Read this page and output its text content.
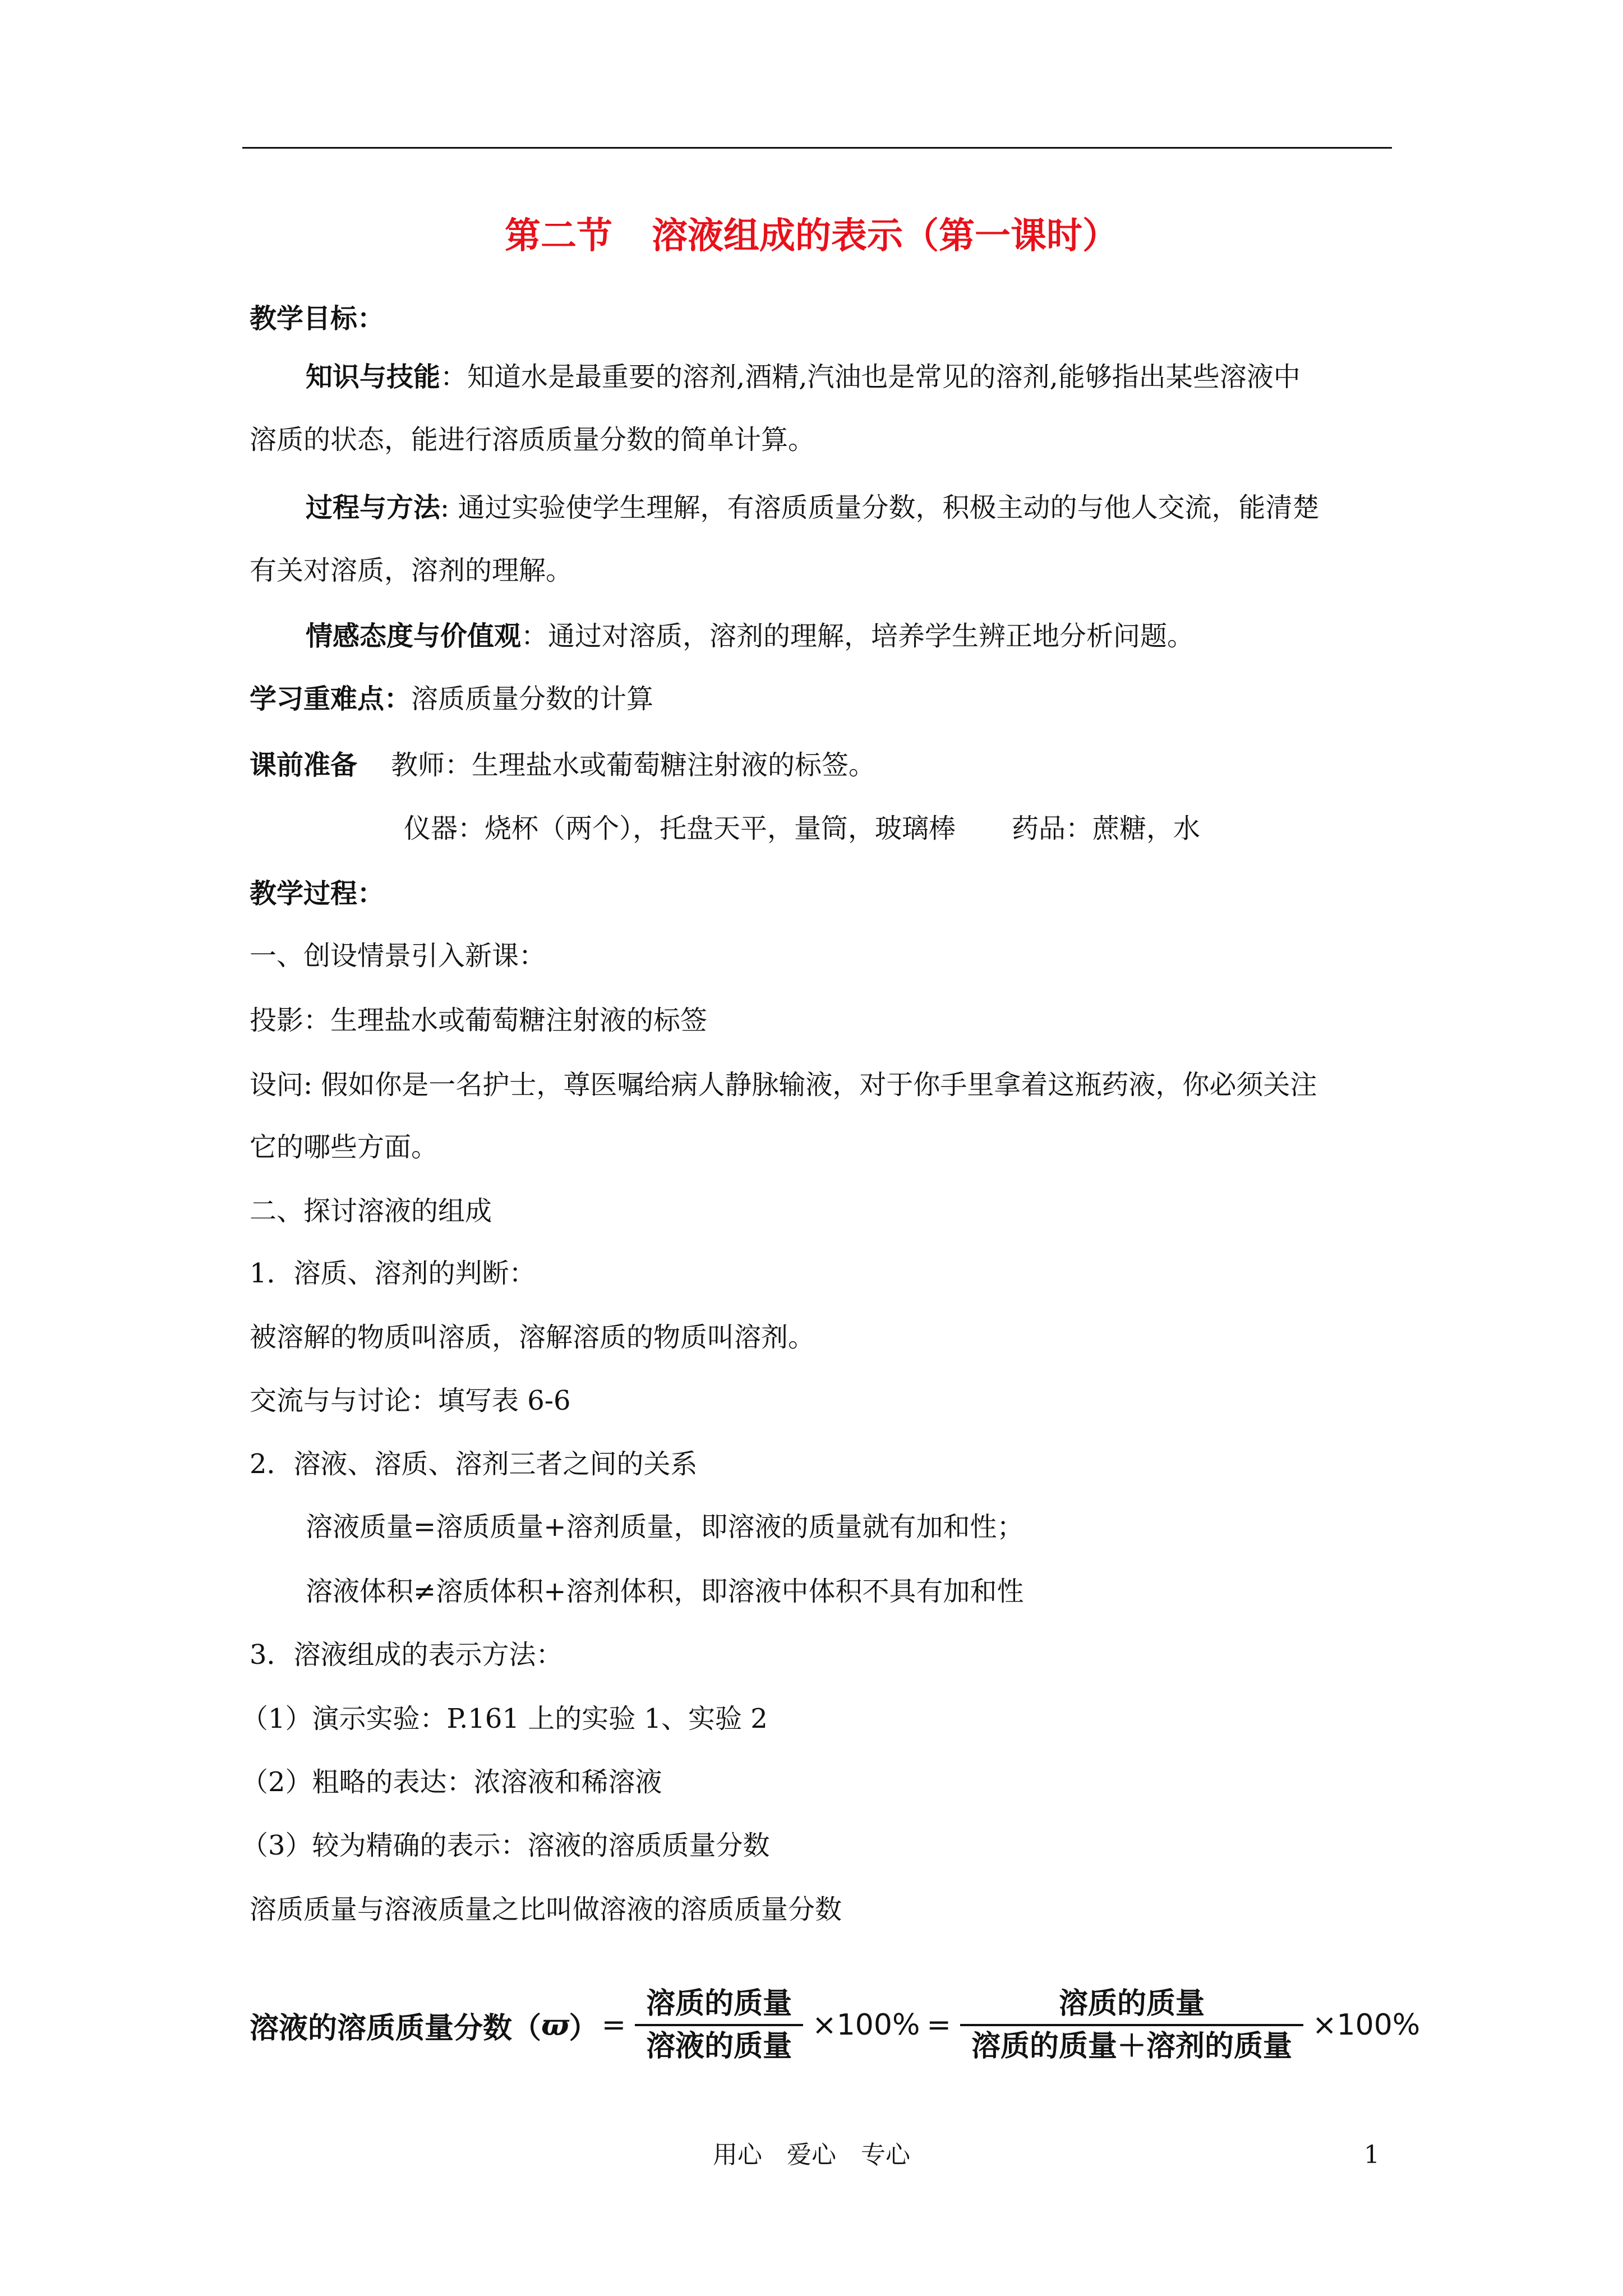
第二节 溶液组成的表示（第一课时）
教学目标：
知识与技能：知道水是最重要的溶剂,酒精,汽油也是常见的溶剂,能够指出某些溶液中
溶质的状态，能进行溶质质量分数的简单计算。
过程与方法: 通过实验使学生理解，有溶质质量分数，积极主动的与他人交流，能清楚
有关对溶质，溶剂的理解。
情感态度与价值观：通过对溶质，溶剂的理解，培养学生辨正地分析问题。
学习重难点：溶质质量分数的计算
课前准备 教师：生理盐水或葡萄糖注射液的标签。
仪器：烧杯（两个），托盘天平，量筒，玻璃棒 药品：蔗糖，水
教学过程：
一、创设情景引入新课：
投影：生理盐水或葡萄糖注射液的标签
设问: 假如你是一名护士，尊医嘱给病人静脉输液，对于你手里拿着这瓶药液，你必须关注
它的哪些方面。
二、探讨溶液的组成
1．溶质、溶剂的判断：
被溶解的物质叫溶质，溶解溶质的物质叫溶剂。
交流与与讨论：填写表 6-6
2．溶液、溶质、溶剂三者之间的关系
溶液质量=溶质质量+溶剂质量，即溶液的质量就有加和性；
溶液体积≠溶质体积+溶剂体积，即溶液中体积不具有加和性
3．溶液组成的表示方法：
（1）演示实验：P.161 上的实验 1、实验 2
（2）粗略的表达：浓溶液和稀溶液
（3）较为精确的表示：溶液的溶质质量分数
溶质质量与溶液质量之比叫做溶液的溶质质量分数
溶液的溶质质量分数 （ ϖ ） = $\frac{\text{溶质的质量}}{\text{溶液的质量}} \times 100\% = \frac{\text{溶质的质量}}{\text{溶质的质量＋溶剂的质量}} \times 100\%$
用心　爱心　专心	1
